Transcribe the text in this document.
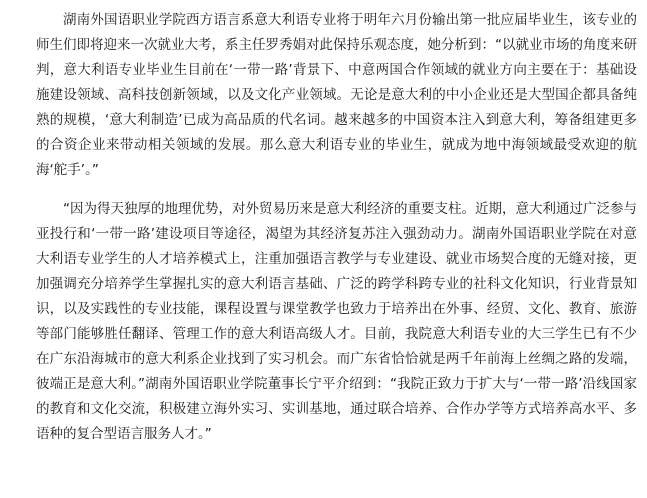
湖南外国语职业学院西方语言系意大利语专业将于明年六月份输出第一批应届毕业生，该专业的师生们即将迎来一次就业大考，系主任罗秀娟对此保持乐观态度，她分析到：“以就业市场的角度来研判，意大利语专业毕业生目前在‘一带一路’背景下、中意两国合作领域的就业方向主要在于：基础设施建设领域、高科技创新领域，以及文化产业领域。无论是意大利的中小企业还是大型国企都具备纯熟的规模，‘意大利制造’已成为高品质的代名词。越来越多的中国资本注入到意大利，筹备组建更多的合资企业来带动相关领域的发展。那么意大利语专业的毕业生，就成为地中海领域最受欢迎的航海‘舵手’。”

“因为得天独厚的地理优势，对外贸易历来是意大利经济的重要支柱。近期，意大利通过广泛参与亚投行和‘一带一路’建设项目等途径，渴望为其经济复苏注入强劲动力。湖南外国语职业学院在对意大利语专业学生的人才培养模式上，注重加强语言教学与专业建设、就业市场契合度的无缝对接，更加强调充分培养学生掌握扎实的意大利语言基础、广泛的跨学科跨专业的社科文化知识，行业背景知识，以及实践性的专业技能，课程设置与课堂教学也致力于培养出在外事、经贸、文化、教育、旅游等部门能够胜任翻译、管理工作的意大利语高级人才。目前，我院意大利语专业的大三学生已有不少在广东沿海城市的意大利系企业找到了实习机会。而广东省恰恰就是两千年前海上丝绸之路的发端，彼端正是意大利。”湖南外国语职业学院董事长宁平介绍到：“我院正致力于扩大与‘一带一路’沿线国家的教育和文化交流，积极建立海外实习、实训基地，通过联合培养、合作办学等方式培养高水平、多语种的复合型语言服务人才。”
